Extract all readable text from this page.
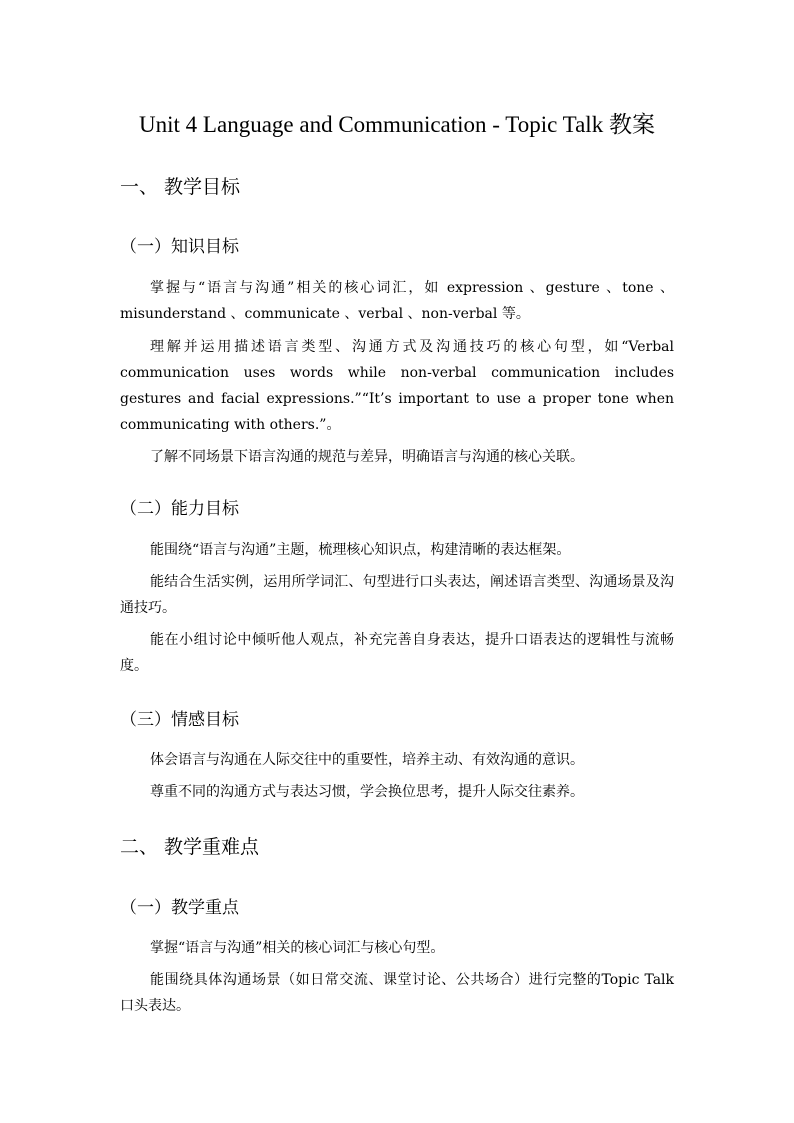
Unit 4 Language and Communication - Topic Talk 教案
一、 教学目标
（一）知识目标

掌握与“语言与沟通”相关的核心词汇，如 expression 、gesture 、tone 、misunderstand 、communicate 、verbal 、non-verbal 等。

理解并运用描述语言类型、沟通方式及沟通技巧的核心句型，如“Verbal communication uses words while non-verbal communication includes gestures and facial expressions.”“It’s important to use a proper tone when communicating with others.”。

了解不同场景下语言沟通的规范与差异，明确语言与沟通的核心关联。

（二）能力目标

能围绕“语言与沟通”主题，梳理核心知识点，构建清晰的表达框架。

能结合生活实例，运用所学词汇、句型进行口头表达，阐述语言类型、沟通场景及沟通技巧。

能在小组讨论中倾听他人观点，补充完善自身表达，提升口语表达的逻辑性与流畅度。

（三）情感目标

体会语言与沟通在人际交往中的重要性，培养主动、有效沟通的意识。

尊重不同的沟通方式与表达习惯，学会换位思考，提升人际交往素养。

二、 教学重难点
（一）教学重点

掌握“语言与沟通”相关的核心词汇与核心句型。

能围绕具体沟通场景（如日常交流、课堂讨论、公共场合）进行完整的Topic Talk 口头表达。
